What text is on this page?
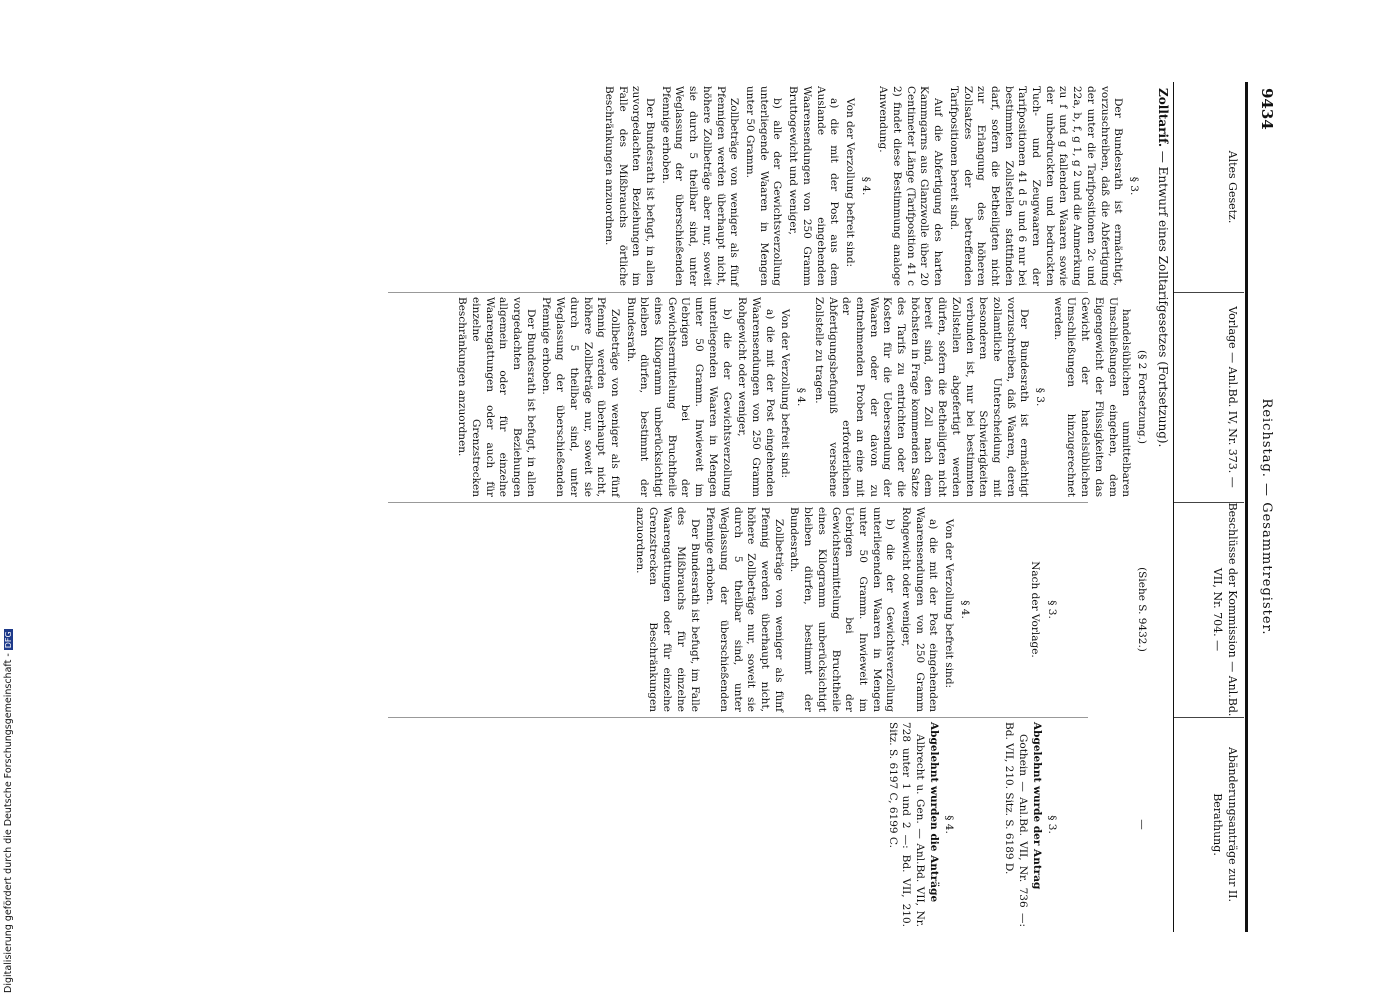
9434
Reichstag. — Gesammtregister.
Altes Gesetz.
Vorlage — Anl.Bd. IV, Nr. 373. —
Beschlüsse der Kommission — Anl.Bd. VII, Nr. 704. —
Abänderungsanträge zur II. Berathung.
Zolltarif. — Entwurf eines Zolltarifgesetzes (Fortsetzung).
§ 3.

Der Bundesrath ist ermächtigt, vorzuschreiben, daß die Abfertigung der unter die Tarifpositionen 2c und 22a, b, f, g 1, g 2 und die Anmerkung zu f und g fallenden Waaren sowie der unbedruckten und bedruckten Tuch- und Zeugwaaren der Tarifpositionen 41 d 5 und 6 nur bei bestimmten Zollstellen stattfinden darf, sofern die Betheiligten nicht zur Erlangung des höheren Zollsatzes der betreffenden Tarifpositionen bereit sind.

Auf die Abfertigung des harten Kammgarns aus Glanzwolle über 20 Centimeter Länge (Tarifposition 41 c 2) findet diese Bestimmung analoge Anwendung.

§ 4.

Von der Verzollung befreit sind:

a) die mit der Post aus dem Auslande eingehenden Waarensendungen von 250 Gramm Bruttogewicht und weniger,

b) alle der Gewichtsverzollung unterliegende Waaren in Mengen unter 50 Gramm.

Zollbeträge von weniger als fünf Pfennigen werden überhaupt nicht, höhere Zollbeträge aber nur, soweit sie durch 5 theilbar sind, unter Weglassung der überschießenden Pfennige erhoben.

Der Bundesrath ist befugt, in allen zuvorgedachten Beziehungen im Falle des Mißbrauchs örtliche Beschränkungen anzuordnen.

(§ 2 Fortsetzung.)

handelsüblichen unmittelbaren Umschließungen eingehen, dem Eigengewicht der Flüssigkeiten das Gewicht der handelsüblichen Umschließungen hinzugerechnet werden.

§ 3.

Der Bundesrath ist ermächtigt vorzuschreiben, daß Waaren, deren zollamtliche Unterscheidung mit besonderen Schwierigkeiten verbunden ist, nur bei bestimmten Zollstellen abgefertigt werden dürfen, sofern die Betheiligten nicht bereit sind, den Zoll nach dem höchsten in Frage kommenden Satze des Tarifs zu entrichten oder die Kosten für die Uebersendung der Waaren oder der davon zu entnehmenden Proben an eine mit der erforderlichen Abfertigungsbefugniß versehene Zollstelle zu tragen.

§ 4.

Von der Verzollung befreit sind:

a) die mit der Post eingehenden Waarensendungen von 250 Gramm Rohgewicht oder weniger,

b) die der Gewichtsverzollung unterliegenden Waaren in Mengen unter 50 Gramm. Inwieweit im Uebrigen bei der Gewichtsermittelung Bruchtheile eines Kilogramm unberücksichtigt bleiben dürfen, bestimmt der Bundesrath.

Zollbeträge von weniger als fünf Pfennig werden überhaupt nicht, höhere Zollbeträge nur, soweit sie durch 5 theilbar sind, unter Weglassung der überschießenden Pfennige erhoben.

Der Bundesrath ist befugt, in allen vorgedachten Beziehungen allgemein oder für einzelne Waarengattungen oder auch für einzelne Grenzstrecken Beschränkungen anzuordnen.

(Siehe S. 9432.)
§ 3.
Nach der Vorlage.
§ 4.

Von der Verzollung befreit sind:

a) die mit der Post eingehenden Waarensendungen von 250 Gramm Rohgewicht oder weniger,

b) die der Gewichtsverzollung unterliegenden Waaren in Mengen unter 50 Gramm. Inwieweit im Uebrigen bei der Gewichtsermittelung Bruchtheile eines Kilogramm unberücksichtigt bleiben dürfen, bestimmt der Bundesrath.

Zollbeträge von weniger als fünf Pfennig werden überhaupt nicht, höhere Zollbeträge nur, soweit sie durch 5 theilbar sind, unter Weglassung der überschießenden Pfennige erhoben.

Der Bundesrath ist befugt, im Falle des Mißbrauchs für einzelne Waarengattungen oder für einzelne Grenzstrecken Beschränkungen anzuordnen.

—
§ 3.
Abgelehnt wurde der Antrag

Gothein — Anl.Bd. VII, Nr. 736 —: Bd. VII, 210. Sitz. S. 6189 D.

§ 4.
Abgelehnt wurden die Anträge

Albrecht u. Gen. — Anl.Bd. VII, Nr. 728 unter 1 und 2 —: Bd. VII, 210. Sitz. S. 6197 C, 6199 C.

Digitalisierung gefördert durch die Deutsche Forschungsgemeinschaft -DFG
